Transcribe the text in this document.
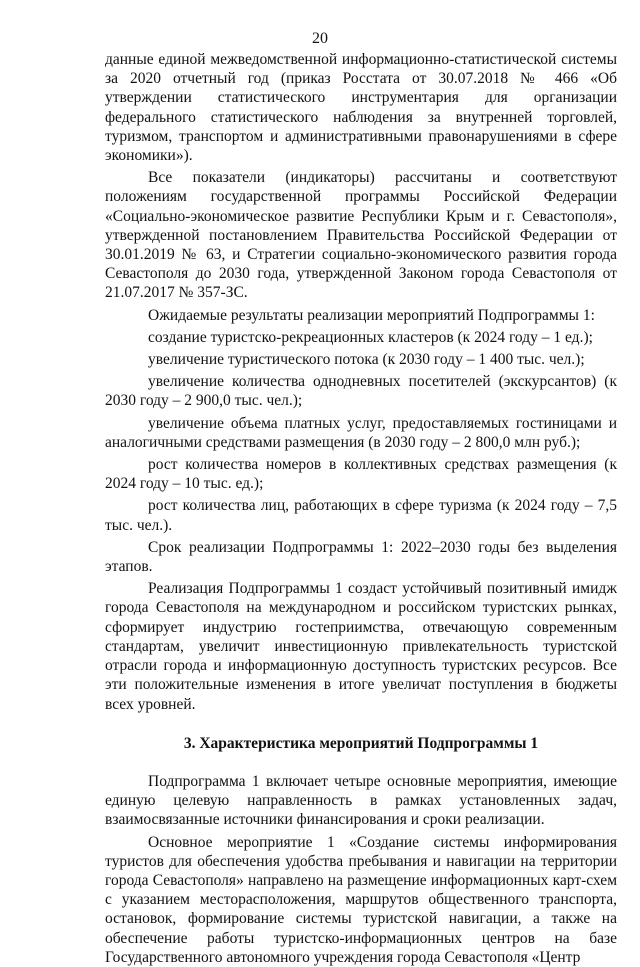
20

данные единой межведомственной информационно-статистической системы за 2020 отчетный год (приказ Росстата от 30.07.2018 № 466 «Об утверждении статистического инструментария для организации федерального статистического наблюдения за внутренней торговлей, туризмом, транспортом и административными правонарушениями в сфере экономики»).

Все показатели (индикаторы) рассчитаны и соответствуют положениям государственной программы Российской Федерации «Социально-экономическое развитие Республики Крым и г. Севастополя», утвержденной постановлением Правительства Российской Федерации от 30.01.2019 № 63, и Стратегии социально-экономического развития города Севастополя до 2030 года, утвержденной Законом города Севастополя от 21.07.2017 № 357-ЗС.

Ожидаемые результаты реализации мероприятий Подпрограммы 1:

создание туристско-рекреационных кластеров (к 2024 году – 1 ед.);

увеличение туристического потока (к 2030 году – 1 400 тыс. чел.);

увеличение количества однодневных посетителей (экскурсантов) (к 2030 году – 2 900,0 тыс. чел.);

увеличение объема платных услуг, предоставляемых гостиницами и аналогичными средствами размещения (в 2030 году – 2 800,0 млн руб.);

рост количества номеров в коллективных средствах размещения (к 2024 году – 10 тыс. ед.);

рост количества лиц, работающих в сфере туризма (к 2024 году – 7,5 тыс. чел.).

Срок реализации Подпрограммы 1: 2022–2030 годы без выделения этапов.

Реализация Подпрограммы 1 создаст устойчивый позитивный имидж города Севастополя на международном и российском туристских рынках, сформирует индустрию гостеприимства, отвечающую современным стандартам, увеличит инвестиционную привлекательность туристской отрасли города и информационную доступность туристских ресурсов. Все эти положительные изменения в итоге увеличат поступления в бюджеты всех уровней.

3. Характеристика мероприятий Подпрограммы 1

Подпрограмма 1 включает четыре основные мероприятия, имеющие единую целевую направленность в рамках установленных задач, взаимосвязанные источники финансирования и сроки реализации.

Основное мероприятие 1 «Создание системы информирования туристов для обеспечения удобства пребывания и навигации на территории города Севастополя» направлено на размещение информационных карт-схем с указанием месторасположения, маршрутов общественного транспорта, остановок, формирование системы туристской навигации, а также на обеспечение работы туристско-информационных центров на базе Государственного автономного учреждения города Севастополя «Центр
